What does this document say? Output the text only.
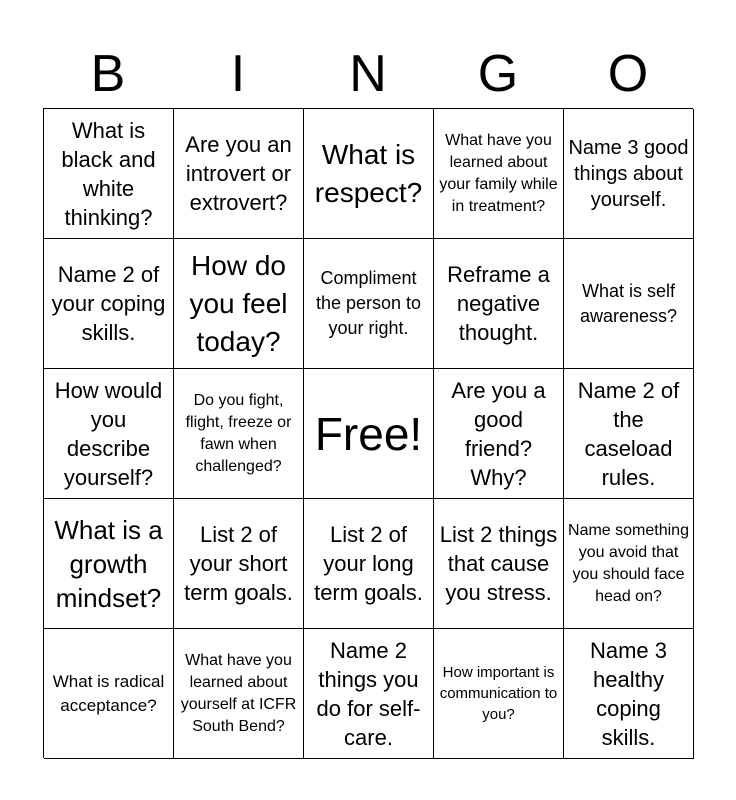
B	I	N	G	O
What is black and white thinking?
Are you an introvert or extrovert?
What is respect?
What have you learned about your family while in treatment?
Name 3 good things about yourself.
Name 2 of your coping skills.
How do you feel today?
Compliment the person to your right.
Reframe a negative thought.
What is self awareness?
How would you describe yourself?
Do you fight, flight, freeze or fawn when challenged?
Free!
Are you a good friend? Why?
Name 2 of the caseload rules.
What is a growth mindset?
List 2 of your short term goals.
List 2 of your long term goals.
List 2 things that cause you stress.
Name something you avoid that you should face head on?
What is radical acceptance?
What have you learned about yourself at ICFR South Bend?
Name 2 things you do for self-care.
How important is communication to you?
Name 3 healthy coping skills.
